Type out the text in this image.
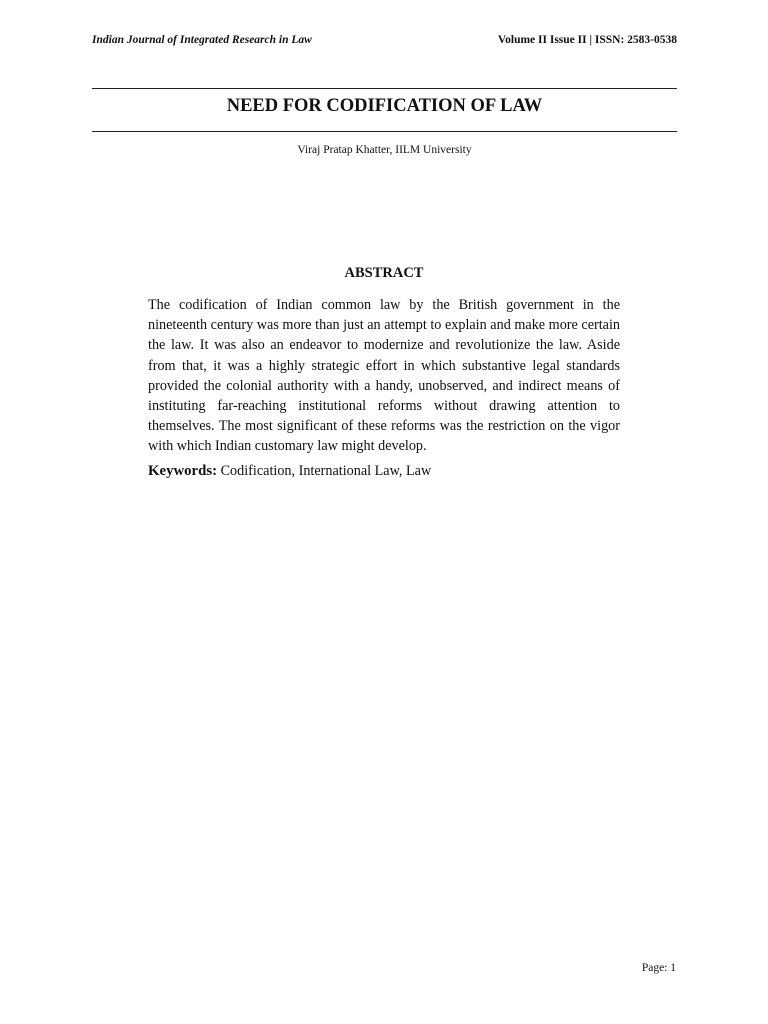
Indian Journal of Integrated Research in Law	Volume II Issue II | ISSN: 2583-0538
NEED FOR CODIFICATION OF LAW
Viraj Pratap Khatter, IILM University
ABSTRACT

The codification of Indian common law by the British government in the nineteenth century was more than just an attempt to explain and make more certain the law. It was also an endeavor to modernize and revolutionize the law. Aside from that, it was a highly strategic effort in which substantive legal standards provided the colonial authority with a handy, unobserved, and indirect means of instituting far-reaching institutional reforms without drawing attention to themselves. The most significant of these reforms was the restriction on the vigor with which Indian customary law might develop.

Keywords: Codification, International Law, Law

Page: 1
